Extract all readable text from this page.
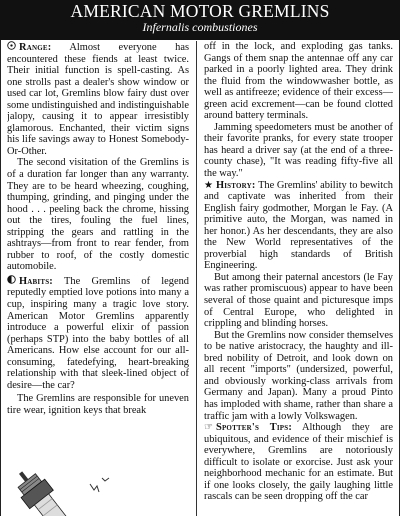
AMERICAN MOTOR GREMLINS
Infernalis combustiones

Range: Almost everyone has encountered these fiends at least twice. Their initial function is spell-casting. As one strolls past a dealer's show window or used car lot, Gremlins blow fairy dust over some undistinguished and indistinguishable jalopy, causing it to appear irresistibly glamorous. Enchanted, their victim signs his life savings away to Honest Somebody-Or-Other.

The second visitation of the Gremlins is of a duration far longer than any warranty. They are to be heard wheezing, coughing, thumping, grinding, and pinging under the hood . . . peeling back the chrome, hissing out the tires, fouling the fuel lines, stripping the gears and rattling in the ashtrays—from front to rear fender, from rubber to roof, of the costly domestic automobile.

Habits: The Gremlins of legend reputedly emptied love potions into many a cup, inspiring many a tragic love story. American Motor Gremlins apparently introduce a powerful elixir of passion (perhaps STP) into the baby bottles of all Americans. How else account for our all-consuming, fatedefying, heart-breaking relationship with that sleek-lined object of desire—the car?

The Gremlins are responsible for uneven tire wear, ignition keys that break

off in the lock, and exploding gas tanks. Gangs of them snap the antennae off any car parked in a poorly lighted area. They drink the fluid from the windowwasher bottle, as well as antifreeze; evidence of their excess—green acid excrement—can be found clotted around battery terminals.

Jamming speedometers must be another of their favorite pranks, for every state trooper has heard a driver say (at the end of a three-county chase), "It was reading fifty-five all the way."

★ History: The Gremlins' ability to bewitch and captivate was inherited from their English fairy godmother, Morgan le Fay. (A primitive auto, the Morgan, was named in her honor.) As her descendants, they are also the New World representatives of the proverbial high standards of British Engineering.

But among their paternal ancestors (le Fay was rather promiscuous) appear to have been several of those quaint and picturesque imps of Central Europe, who delighted in crippling and blinding horses.

But the Gremlins now consider themselves to be native aristocracy, the haughty and ill-bred nobility of Detroit, and look down on all recent "imports" (undersized, powerful, and obviously working-class arrivals from Germany and Japan). Many a proud Pinto has imploded with shame, rather than share a traffic jam with a lowly Volkswagen.

☞ Spotter's Tips: Although they are ubiquitous, and evidence of their mischief is everywhere, Gremlins are notoriously difficult to isolate or exorcise. Just ask your neighborhood mechanic for an estimate. But if one looks closely, the gaily laughing little rascals can be seen dropping off the car
